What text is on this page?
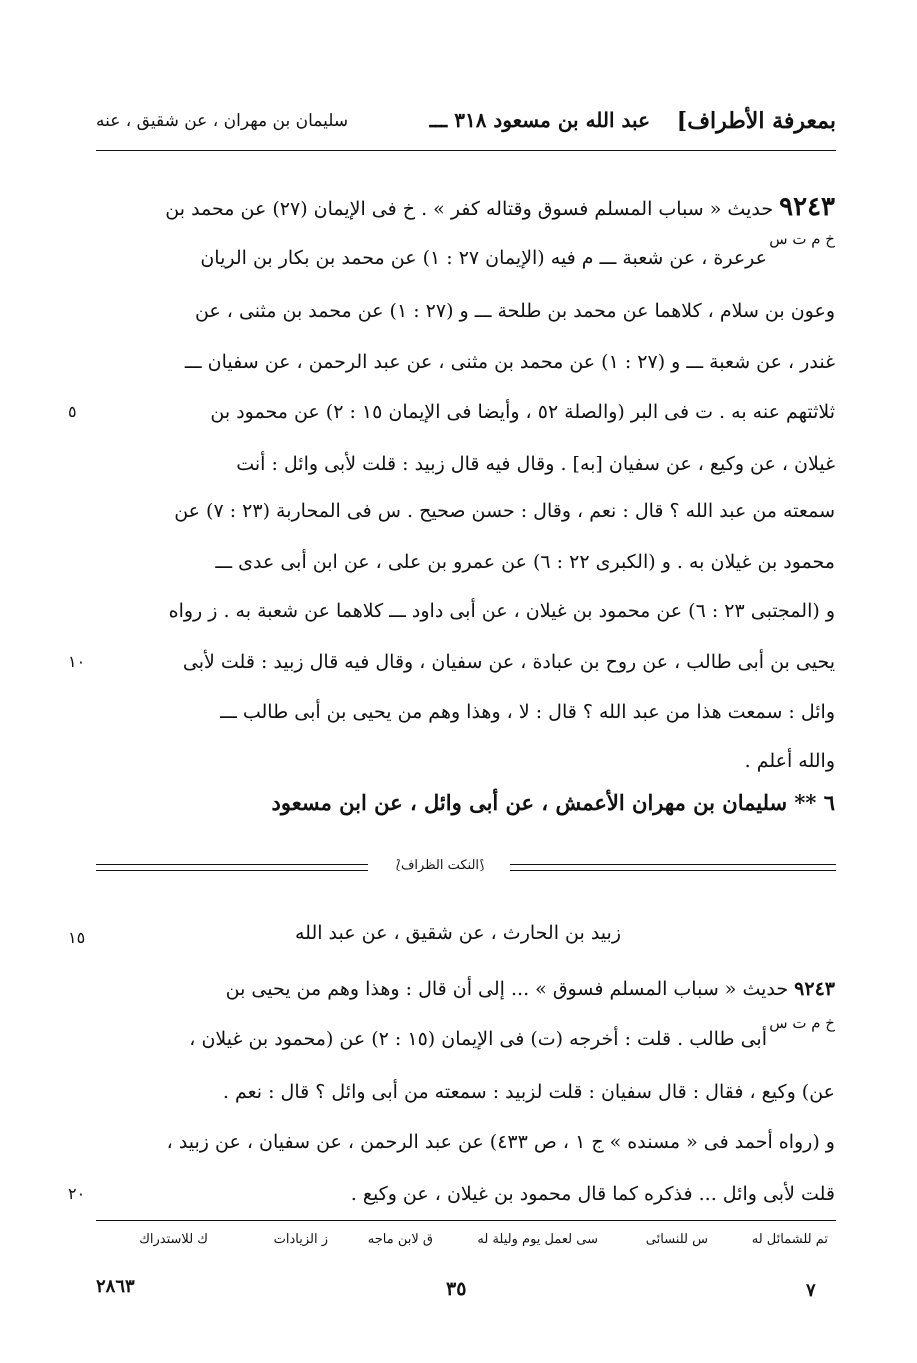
بمعرفة الأطراف]
عبد الله بن مسعود ٣١٨ ـــ
سليمان بن مهران ، عن شقيق ، عنه
٩٢٤٣ حديث « سباب المسلم فسوق وقتاله كفر » . خ فى الإيمان (٢٧) عن محمد بن
خ م ت س
عرعرة ، عن شعبة ـــ م فيه (الإيمان ٢٧ : ١) عن محمد بن بكار بن الريان
وعون بن سلام ، كلاهما عن محمد بن طلحة ـــ و (٢٧ : ١) عن محمد بن مثنى ، عن
غندر ، عن شعبة ـــ و (٢٧ : ١) عن محمد بن مثنى ، عن عبد الرحمن ، عن سفيان ـــ
ثلاثتهم عنه به . ت فى البر (والصلة ٥٢ ، وأيضا فى الإيمان ١٥ : ٢) عن محمود بن
٥
غيلان ، عن وكيع ، عن سفيان [به] . وقال فيه قال زبيد : قلت لأبى وائل : أنت
سمعته من عبد الله ؟ قال : نعم ، وقال : حسن صحيح . س فى المحاربة (٢٣ : ٧) عن
محمود بن غيلان به . و (الكبرى ٢٢ : ٦) عن عمرو بن على ، عن ابن أبى عدى ـــ
و (المجتبى ٢٣ : ٦) عن محمود بن غيلان ، عن أبى داود ـــ كلاهما عن شعبة به . ز رواه
يحيى بن أبى طالب ، عن روح بن عبادة ، عن سفيان ، وقال فيه قال زبيد : قلت لأبى
١٠
وائل : سمعت هذا من عبد الله ؟ قال : لا ، وهذا وهم من يحيى بن أبى طالب ـــ
والله أعلم .
٦ ** سليمان بن مهران الأعمش ، عن أبى وائل ، عن ابن مسعود
⟅النكت الظراف⟆
زبيد بن الحارث ، عن شقيق ، عن عبد الله
١٥
٩٢٤٣ حديث « سباب المسلم فسوق » ... إلى أن قال : وهذا وهم من يحيى بن
خ م ت س
أبى طالب . قلت : أخرجه (ت) فى الإيمان (١٥ : ٢) عن (محمود بن غيلان ،
عن) وكيع ، فقال : قال سفيان : قلت لزبيد : سمعته من أبى وائل ؟ قال : نعم .
و (رواه أحمد فى « مسنده » ج ١ ، ص ٤٣٣) عن عبد الرحمن ، عن سفيان ، عن زبيد ،
قلت لأبى وائل ... فذكره كما قال محمود بن غيلان ، عن وكيع .
٢٠
تم للشمائل له
س للنسائى
سى لعمل يوم وليلة له
ق لابن ماجه
ز الزيادات
ك للاستدراك
٢٨٦٣	٣٥	٧
